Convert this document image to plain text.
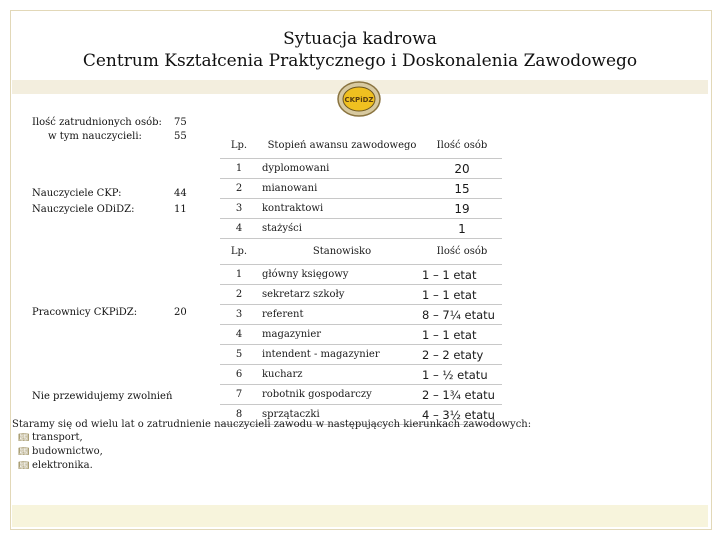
Sytuacja kadrowa
Centrum Kształcenia Praktycznego i Doskonalenia Zawodowego
CKPiDZ
Ilość zatrudnionych osób: 75
w tym nauczycieli:	55
Nauczyciele CKP:	44
Nauczyciele ODiDZ:	11
Pracownicy CKPiDZ:	20
Nie przewidujemy zwolnień
Lp.	Stopień awansu zawodowego	Ilość osób
1	dyplomowani	20
2	mianowani	15
3	kontraktowi	19
4	stażyści	1
Lp.	Stanowisko	Ilość osób
1	główny księgowy	1 – 1 etat
2	sekretarz szkoły	1 – 1 etat
3	referent	8 – 7¼ etatu
4	magazynier	1 – 1 etat
5	intendent - magazynier	2 – 2 etaty
6	kucharz	1 – ½ etatu
7	robotnik gospodarczy	2 – 1¾ etatu
8	sprzątaczki	4 – 3½ etatu
Staramy się od wielu lat o zatrudnienie nauczycieli zawodu w następujących kierunkach zawodowych:
📖︎ transport,
📖︎ budownictwo,
📖︎ elektronika.
